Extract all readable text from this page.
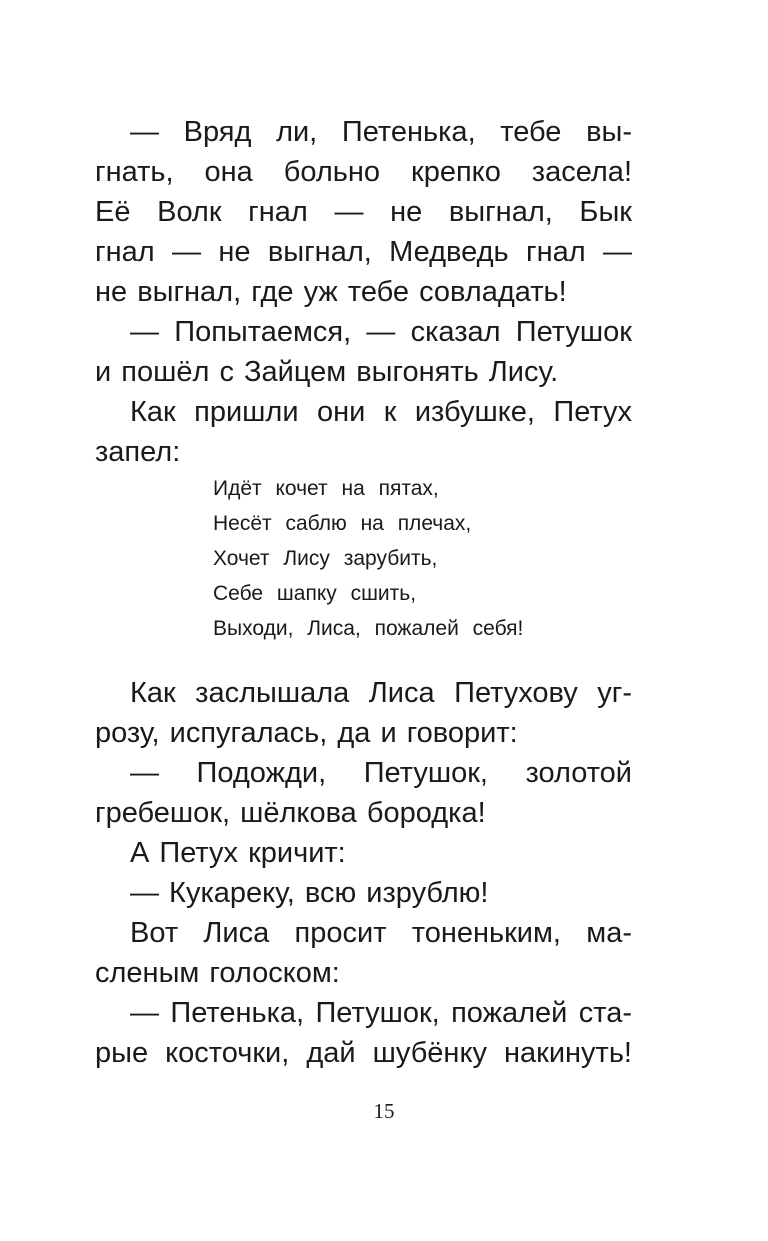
— Вряд ли, Петенька, тебе вы-
гнать, она больно крепко засела!
Её Волк гнал — не выгнал, Бык
гнал — не выгнал, Медведь гнал —
не выгнал, где уж тебе совладать!
— Попытаемся, — сказал Петушок
и пошёл с Зайцем выгонять Лису.
Как пришли они к избушке, Петух
запел:
Идёт кочет на пятах,
Несёт саблю на плечах,
Хочет Лису зарубить,
Себе шапку сшить,
Выходи, Лиса, пожалей себя!
Как заслышала Лиса Петухову уг-
розу, испугалась, да и говорит:
— Подожди, Петушок, золотой
гребешок, шёлкова бородка!
А Петух кричит:
— Кукареку, всю изрублю!
Вот Лиса просит тоненьким, ма-
сленым голоском:
— Петенька, Петушок, пожалей ста-
рые косточки, дай шубёнку накинуть!
15
